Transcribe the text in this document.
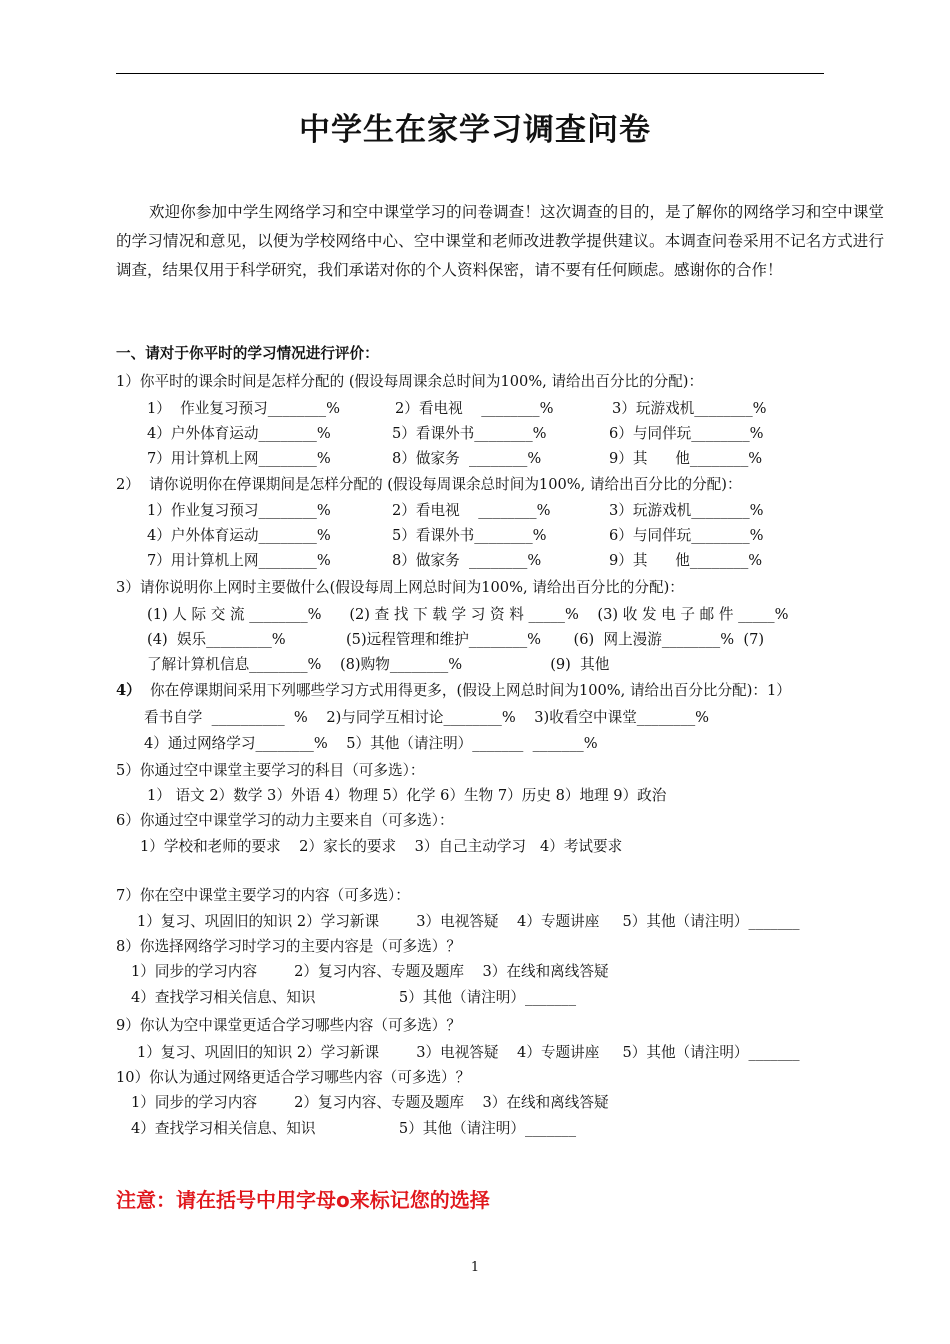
中学生在家学习调查问卷

欢迎你参加中学生网络学习和空中课堂学习的问卷调查！这次调查的目的，是了解你的网络学习和空中课堂的学习情况和意见，以便为学校网络中心、空中课堂和老师改进教学提供建议。本调查问卷采用不记名方式进行调查，结果仅用于科学研究，我们承诺对你的个人资料保密，请不要有任何顾虑。感谢你的合作！

一、请对于你平时的学习情况进行评价：
1）你平时的课余时间是怎样分配的 (假设每周课余总时间为100%, 请给出百分比的分配)：
1）  作业复习预习________%	2）看电视    ________%	3）玩游戏机________%
4）户外体育运动________%	5）看课外书________%	6）与同伴玩________%
7）用计算机上网________%	8）做家务  ________%	9）其      他________%
2）  请你说明你在停课期间是怎样分配的 (假设每周课余总时间为100%, 请给出百分比的分配)：
1）作业复习预习________%	2）看电视    ________%	3）玩游戏机________%
4）户外体育运动________%	5）看课外书________%	6）与同伴玩________%
7）用计算机上网________%	8）做家务  ________%	9）其      他________%
3）请你说明你上网时主要做什么(假设每周上网总时间为100%, 请给出百分比的分配)：
(1) 人 际 交 流 ________%      (2) 查 找 下 载 学 习 资 料 _____%    (3) 收 发 电 子 邮 件 _____%
(4)  娱乐_________%             (5)远程管理和维护________%       (6)  网上漫游________%  (7)
了解计算机信息________%    (8)购物________%                   (9)  其他
4）  你在停课期间采用下列哪些学习方式用得更多，(假设上网总时间为100%, 请给出百分比分配)：1）
看书自学  __________  %    2)与同学互相讨论________%    3)收看空中课堂________%
4）通过网络学习________%    5）其他（请注明）_______  _______%
5）你通过空中课堂主要学习的科目（可多选）：
1） 语文 2）数学 3）外语 4）物理 5）化学 6）生物 7）历史 8）地理 9）政治
6）你通过空中课堂学习的动力主要来自（可多选）：
1）学校和老师的要求    2）家长的要求    3）自己主动学习   4）考试要求
7）你在空中课堂主要学习的内容（可多选）：
1）复习、巩固旧的知识 2）学习新课        3）电视答疑    4）专题讲座     5）其他（请注明）_______
8）你选择网络学习时学习的主要内容是（可多选）？
1）同步的学习内容        2）复习内容、专题及题库    3）在线和离线答疑
4）查找学习相关信息、知识                  5）其他（请注明）_______
9）你认为空中课堂更适合学习哪些内容（可多选）？
1）复习、巩固旧的知识 2）学习新课        3）电视答疑    4）专题讲座     5）其他（请注明）_______
10）你认为通过网络更适合学习哪些内容（可多选）？
1）同步的学习内容        2）复习内容、专题及题库    3）在线和离线答疑
4）查找学习相关信息、知识                  5）其他（请注明）_______
注意：请在括号中用字母o来标记您的选择
1
